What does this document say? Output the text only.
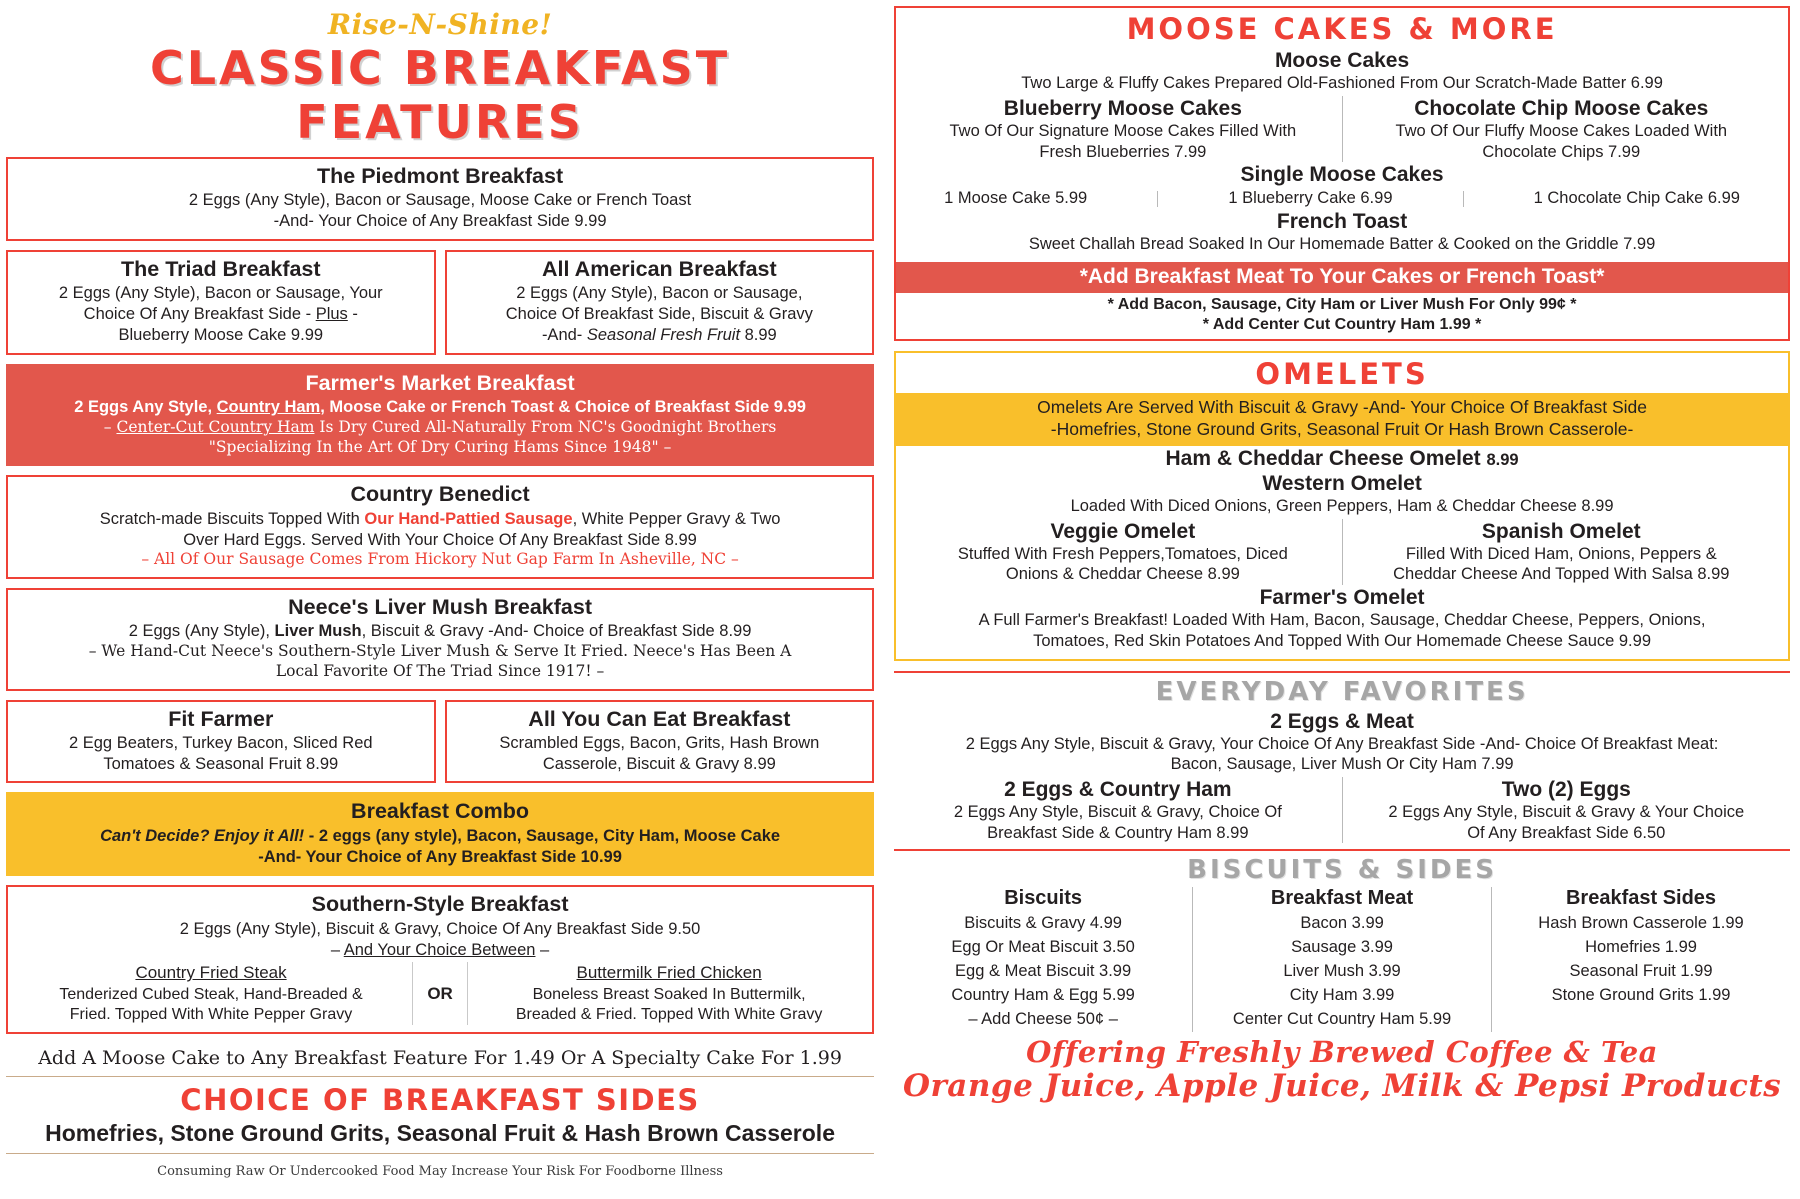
Rise-N-Shine!
CLASSIC BREAKFAST FEATURES
The Piedmont Breakfast
2 Eggs (Any Style), Bacon or Sausage, Moose Cake or French Toast
-And- Your Choice of Any Breakfast Side 9.99
The Triad Breakfast
2 Eggs (Any Style), Bacon or Sausage, Your
Choice Of Any Breakfast Side - Plus -
Blueberry Moose Cake 9.99
All American Breakfast
2 Eggs (Any Style), Bacon or Sausage,
Choice Of Breakfast Side, Biscuit & Gravy
-And- Seasonal Fresh Fruit 8.99
Farmer's Market Breakfast
2 Eggs Any Style, Country Ham, Moose Cake or French Toast & Choice of Breakfast Side 9.99
– Center-Cut Country Ham Is Dry Cured All-Naturally From NC's Goodnight Brothers
"Specializing In the Art Of Dry Curing Hams Since 1948" –
Country Benedict
Scratch-made Biscuits Topped With Our Hand-Pattied Sausage, White Pepper Gravy & Two
Over Hard Eggs. Served With Your Choice Of Any Breakfast Side 8.99
– All Of Our Sausage Comes From Hickory Nut Gap Farm In Asheville, NC –
Neece's Liver Mush Breakfast
2 Eggs (Any Style), Liver Mush, Biscuit & Gravy -And- Choice of Breakfast Side 8.99
– We Hand-Cut Neece's Southern-Style Liver Mush & Serve It Fried. Neece's Has Been A
Local Favorite Of The Triad Since 1917! –
Fit Farmer
2 Egg Beaters, Turkey Bacon, Sliced Red
Tomatoes & Seasonal Fruit 8.99
All You Can Eat Breakfast
Scrambled Eggs, Bacon, Grits, Hash Brown
Casserole, Biscuit & Gravy 8.99
Breakfast Combo
Can't Decide? Enjoy it All! - 2 eggs (any style), Bacon, Sausage, City Ham, Moose Cake
-And- Your Choice of Any Breakfast Side 10.99
Southern-Style Breakfast
2 Eggs (Any Style), Biscuit & Gravy, Choice Of Any Breakfast Side 9.50
– And Your Choice Between –
Country Fried Steak
Tenderized Cubed Steak, Hand-Breaded &
Fried. Topped With White Pepper Gravy
OR
Buttermilk Fried Chicken
Boneless Breast Soaked In Buttermilk,
Breaded & Fried. Topped With White Gravy
Add A Moose Cake to Any Breakfast Feature For 1.49 Or A Specialty Cake For 1.99
CHOICE OF BREAKFAST SIDES
Homefries, Stone Ground Grits, Seasonal Fruit & Hash Brown Casserole
Consuming Raw Or Undercooked Food May Increase Your Risk For Foodborne Illness
MOOSE CAKES & MORE
Moose Cakes
Two Large & Fluffy Cakes Prepared Old-Fashioned From Our Scratch-Made Batter 6.99
Blueberry Moose Cakes
Two Of Our Signature Moose Cakes Filled With
Fresh Blueberries 7.99
Chocolate Chip Moose Cakes
Two Of Our Fluffy Moose Cakes Loaded With
Chocolate Chips 7.99
Single Moose Cakes
1 Moose Cake 5.99	1 Blueberry Cake 6.99	1 Chocolate Chip Cake 6.99
French Toast
Sweet Challah Bread Soaked In Our Homemade Batter & Cooked on the Griddle 7.99
*Add Breakfast Meat To Your Cakes or French Toast*
* Add Bacon, Sausage, City Ham or Liver Mush For Only 99¢ *
* Add Center Cut Country Ham 1.99 *
OMELETS
Omelets Are Served With Biscuit & Gravy -And- Your Choice Of Breakfast Side
-Homefries, Stone Ground Grits, Seasonal Fruit Or Hash Brown Casserole-
Ham & Cheddar Cheese Omelet 8.99
Western Omelet
Loaded With Diced Onions, Green Peppers, Ham & Cheddar Cheese 8.99
Veggie Omelet
Stuffed With Fresh Peppers,Tomatoes, Diced
Onions & Cheddar Cheese 8.99
Spanish Omelet
Filled With Diced Ham, Onions, Peppers &
Cheddar Cheese And Topped With Salsa 8.99
Farmer's Omelet
A Full Farmer's Breakfast! Loaded With Ham, Bacon, Sausage, Cheddar Cheese, Peppers, Onions,
Tomatoes, Red Skin Potatoes And Topped With Our Homemade Cheese Sauce 9.99
EVERYDAY FAVORITES
2 Eggs & Meat
2 Eggs Any Style, Biscuit & Gravy, Your Choice Of Any Breakfast Side -And- Choice Of Breakfast Meat:
Bacon, Sausage, Liver Mush Or City Ham 7.99
2 Eggs & Country Ham
2 Eggs Any Style, Biscuit & Gravy, Choice Of
Breakfast Side & Country Ham 8.99
Two (2) Eggs
2 Eggs Any Style, Biscuit & Gravy & Your Choice
Of Any Breakfast Side 6.50
BISCUITS & SIDES
Biscuits
Biscuits & Gravy 4.99
Egg Or Meat Biscuit 3.50
Egg & Meat Biscuit 3.99
Country Ham & Egg 5.99
– Add Cheese 50¢ –
Breakfast Meat
Bacon 3.99
Sausage 3.99
Liver Mush 3.99
City Ham 3.99
Center Cut Country Ham 5.99
Breakfast Sides
Hash Brown Casserole 1.99
Homefries 1.99
Seasonal Fruit 1.99
Stone Ground Grits 1.99
Offering Freshly Brewed Coffee & Tea
Orange Juice, Apple Juice, Milk & Pepsi Products
